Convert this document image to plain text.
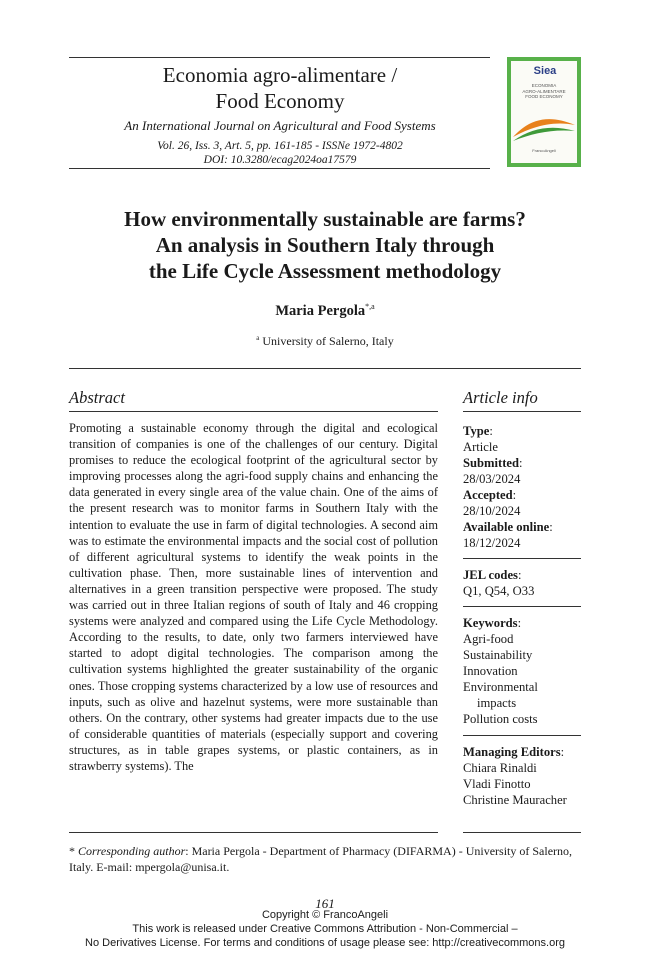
Economia agro-alimentare /
Food Economy
An International Journal on Agricultural and Food Systems
Vol. 26, Iss. 3, Art. 5, pp. 161-185 - ISSNe 1972-4802
DOI: 10.3280/ecag2024oa17579
Siea
ECONOMIA
AGRO-ALIMENTARE
FOOD ECONOMY
FrancoAngeli
How environmentally sustainable are farms?
An analysis in Southern Italy through
the Life Cycle Assessment methodology
Maria Pergola$^{*,a}$
$^a$ University of Salerno, Italy
Abstract

Promoting a sustainable economy through the digital and ecological transition of companies is one of the challenges of our century. Digital promises to reduce the ecological footprint of the agricultural sector by improving processes along the agri-food supply chains and enhancing the data generated in every single area of the value chain. One of the aims of the present research was to monitor farms in Southern Italy with the intention to evaluate the use in farm of digital technologies. A second aim was to estimate the environmental impacts and the social cost of pollution of different agricultural systems to identify the weak points in the cultivation phase. Then, more sustainable lines of intervention and alternatives in a green transition perspective were proposed. The study was carried out in three Italian regions of south of Italy and 46 cropping systems were analyzed and compared using the Life Cycle Methodology. According to the results, to date, only two farmers interviewed have started to adopt digital technologies. The comparison among the cultivation systems highlighted the greater sustainability of the organic ones. Those cropping systems characterized by a low use of resources and inputs, such as olive and hazelnut systems, were more sustainable than others. On the contrary, other systems had greater impacts due to the use of considerable quantities of materials (especially support and covering structures, as in table grapes systems, or plastic containers, as in strawberry systems). The

Article info
Type:
Article
Submitted:
28/03/2024
Accepted:
28/10/2024
Available online:
18/12/2024
JEL codes:
Q1, Q54, O33
Keywords:
Agri-food
Sustainability
Innovation
Environmental
impacts
Pollution costs
Managing Editors:
Chiara Rinaldi
Vladi Finotto
Christine Mauracher

* Corresponding author: Maria Pergola - Department of Pharmacy (DIFARMA) - University of Salerno, Italy. E-mail: mpergola@unisa.it.

161
Copyright © FrancoAngeli
This work is released under Creative Commons Attribution - Non-Commercial –
No Derivatives License. For terms and conditions of usage please see: http://creativecommons.org
